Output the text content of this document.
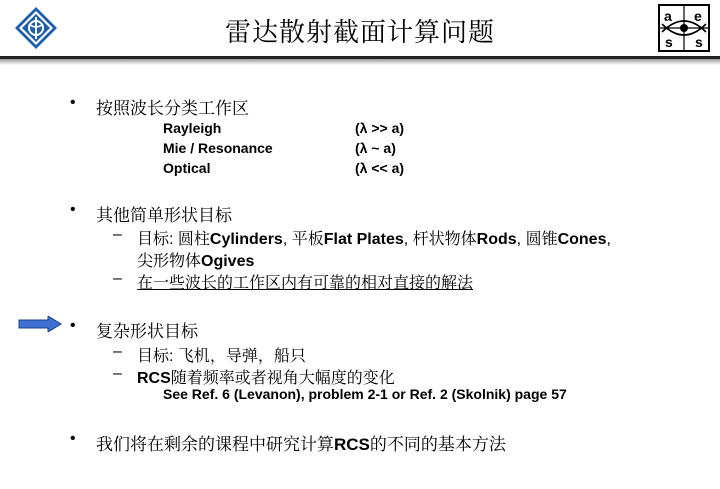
雷达散射截面计算问题
a e
s s
• 按照波长分类工作区
Rayleigh	(λ >> a)
Mie / Resonance	(λ ~ a)
Optical	(λ << a)
• 其他简单形状目标
– 目标: 圆柱Cylinders, 平板Flat Plates, 杆状物体Rods, 圆锥Cones,
尖形物体Ogives
– 在一些波长的工作区内有可靠的相对直接的解法
• 复杂形状目标
– 目标: 飞机，导弹，船只
– RCS随着频率或者视角大幅度的变化
See Ref. 6 (Levanon), problem 2-1 or Ref. 2 (Skolnik) page 57
• 我们将在剩余的课程中研究计算RCS的不同的基本方法
